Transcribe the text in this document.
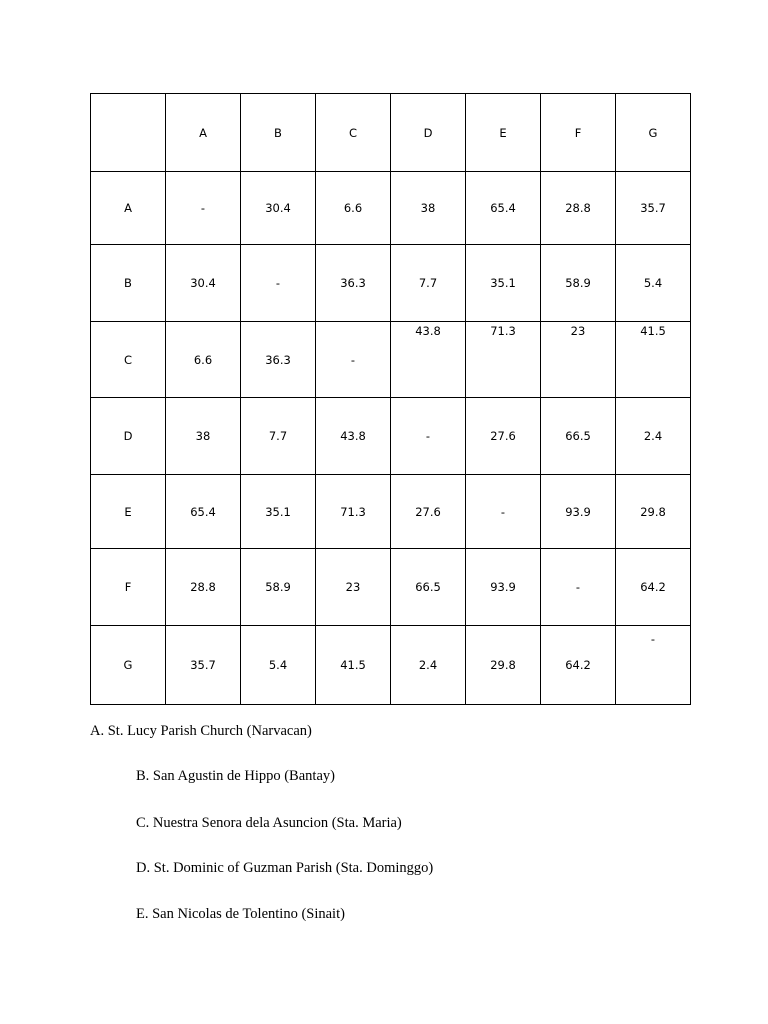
	A	B	C	D	E	F	G
A	-	30.4	6.6	38	65.4	28.8	35.7
B	30.4	-	36.3	7.7	35.1	58.9	5.4
C	6.6	36.3	-	43.8	71.3	23	41.5
D	38	7.7	43.8	-	27.6	66.5	2.4
E	65.4	35.1	71.3	27.6	-	93.9	29.8
F	28.8	58.9	23	66.5	93.9	-	64.2
G	35.7	5.4	41.5	2.4	29.8	64.2	-
A. St. Lucy Parish Church (Narvacan)
B. San Agustin de Hippo (Bantay)
C. Nuestra Senora dela Asuncion (Sta. Maria)
D. St. Dominic of Guzman Parish (Sta. Dominggo)
E. San Nicolas de Tolentino (Sinait)
